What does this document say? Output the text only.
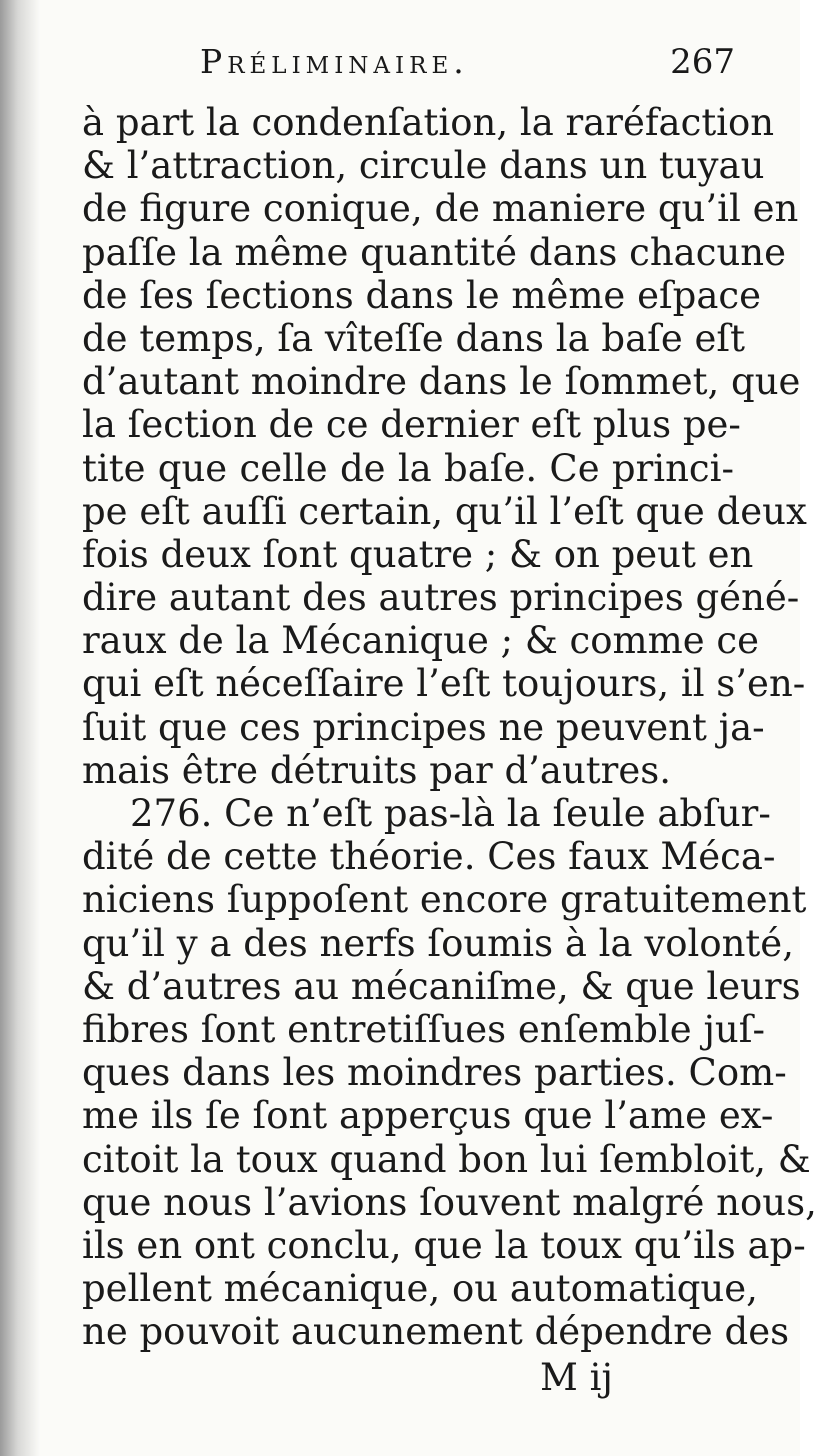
Préliminaire.	267
à part la condenſation, la raréfaction
& l’attraction, circule dans un tuyau
de figure conique, de maniere qu’il en
paſſe la même quantité dans chacune
de ſes ſections dans le même eſpace
de temps, ſa vîteſſe dans la baſe eſt
d’autant moindre dans le ſommet, que
la ſection de ce dernier eſt plus pe-
tite que celle de la baſe. Ce princi-
pe eſt auſſi certain, qu’il l’eſt que deux
fois deux ſont quatre ; & on peut en
dire autant des autres principes géné-
raux de la Mécanique ; & comme ce
qui eſt néceſſaire l’eſt toujours, il s’en-
ſuit que ces principes ne peuvent ja-
mais être détruits par d’autres.
276. Ce n’eſt pas-là la ſeule abſur-
dité de cette théorie. Ces faux Méca-
niciens ſuppoſent encore gratuitement
qu’il y a des nerfs ſoumis à la volonté,
& d’autres au mécaniſme, & que leurs
fibres ſont entretiſſues enſemble juſ-
ques dans les moindres parties. Com-
me ils ſe ſont apperçus que l’ame ex-
citoit la toux quand bon lui ſembloit, &
que nous l’avions ſouvent malgré nous,
ils en ont conclu, que la toux qu’ils ap-
pellent mécanique, ou automatique,
ne pouvoit aucunement dépendre des
M ij
